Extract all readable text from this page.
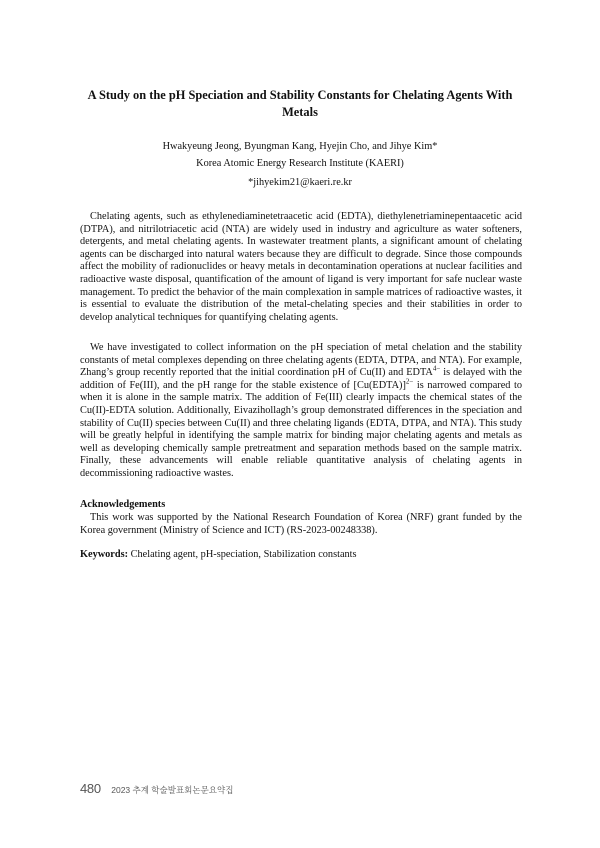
A Study on the pH Speciation and Stability Constants for Chelating Agents With Metals
Hwakyeung Jeong, Byungman Kang, Hyejin Cho, and Jihye Kim*
Korea Atomic Energy Research Institute (KAERI)
*jihyekim21@kaeri.re.kr
Chelating agents, such as ethylenediaminetetraacetic acid (EDTA), diethylenetriaminepentaacetic acid (DTPA), and nitrilotriacetic acid (NTA) are widely used in industry and agriculture as water softeners, detergents, and metal chelating agents. In wastewater treatment plants, a significant amount of chelating agents can be discharged into natural waters because they are difficult to degrade. Since those compounds affect the mobility of radionuclides or heavy metals in decontamination operations at nuclear facilities and radioactive waste disposal, quantification of the amount of ligand is very important for safe nuclear waste management. To predict the behavior of the main complexation in sample matrices of radioactive wastes, it is essential to evaluate the distribution of the metal-chelating species and their stabilities in order to develop analytical techniques for quantifying chelating agents.
We have investigated to collect information on the pH speciation of metal chelation and the stability constants of metal complexes depending on three chelating agents (EDTA, DTPA, and NTA). For example, Zhang’s group recently reported that the initial coordination pH of Cu(II) and $EDTA^{4-}$ is delayed with the addition of Fe(III), and the pH range for the stable existence of [Cu(EDTA)]$^{2-}$ is narrowed compared to when it is alone in the sample matrix. The addition of Fe(III) clearly impacts the chemical states of the Cu(II)-EDTA solution. Additionally, Eivazihollagh’s group demonstrated differences in the speciation and stability of Cu(II) species between Cu(II) and three chelating ligands (EDTA, DTPA, and NTA). This study will be greatly helpful in identifying the sample matrix for binding major chelating agents and metals as well as developing chemically sample pretreatment and separation methods based on the sample matrix. Finally, these advancements will enable reliable quantitative analysis of chelating agents in decommissioning radioactive wastes.
Acknowledgements
This work was supported by the National Research Foundation of Korea (NRF) grant funded by the Korea government (Ministry of Science and ICT) (RS-2023-00248338).
Keywords: Chelating agent, pH-speciation, Stabilization constants
480 2023 추계 학술발표회논문요약집
